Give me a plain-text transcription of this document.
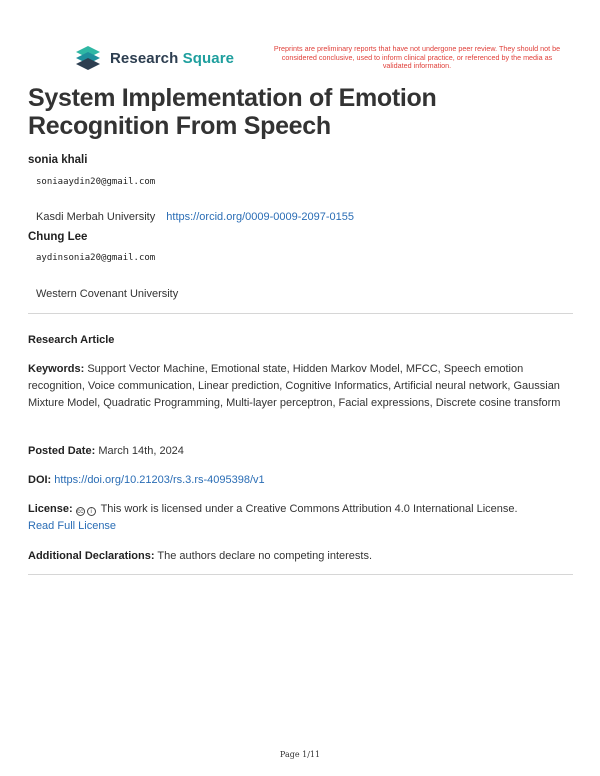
Research Square
Preprints are preliminary reports that have not undergone peer review. They should not be considered conclusive, used to inform clinical practice, or referenced by the media as validated information.
System Implementation of Emotion Recognition From Speech
sonia khali
soniaaydin20@gmail.com
Kasdi Merbah University https://orcid.org/0009-0009-2097-0155
Chung Lee
aydinsonia20@gmail.com
Western Covenant University
Research Article
Keywords: Support Vector Machine, Emotional state, Hidden Markov Model, MFCC, Speech emotion recognition, Voice communication, Linear prediction, Cognitive Informatics, Artificial neural network, Gaussian Mixture Model, Quadratic Programming, Multi-layer perceptron, Facial expressions, Discrete cosine transform
Posted Date: March 14th, 2024
DOI: https://doi.org/10.21203/rs.3.rs-4095398/v1
License: cc	i This work is licensed under a Creative Commons Attribution 4.0 International License.
Read Full License
Additional Declarations: The authors declare no competing interests.
Page 1/11
